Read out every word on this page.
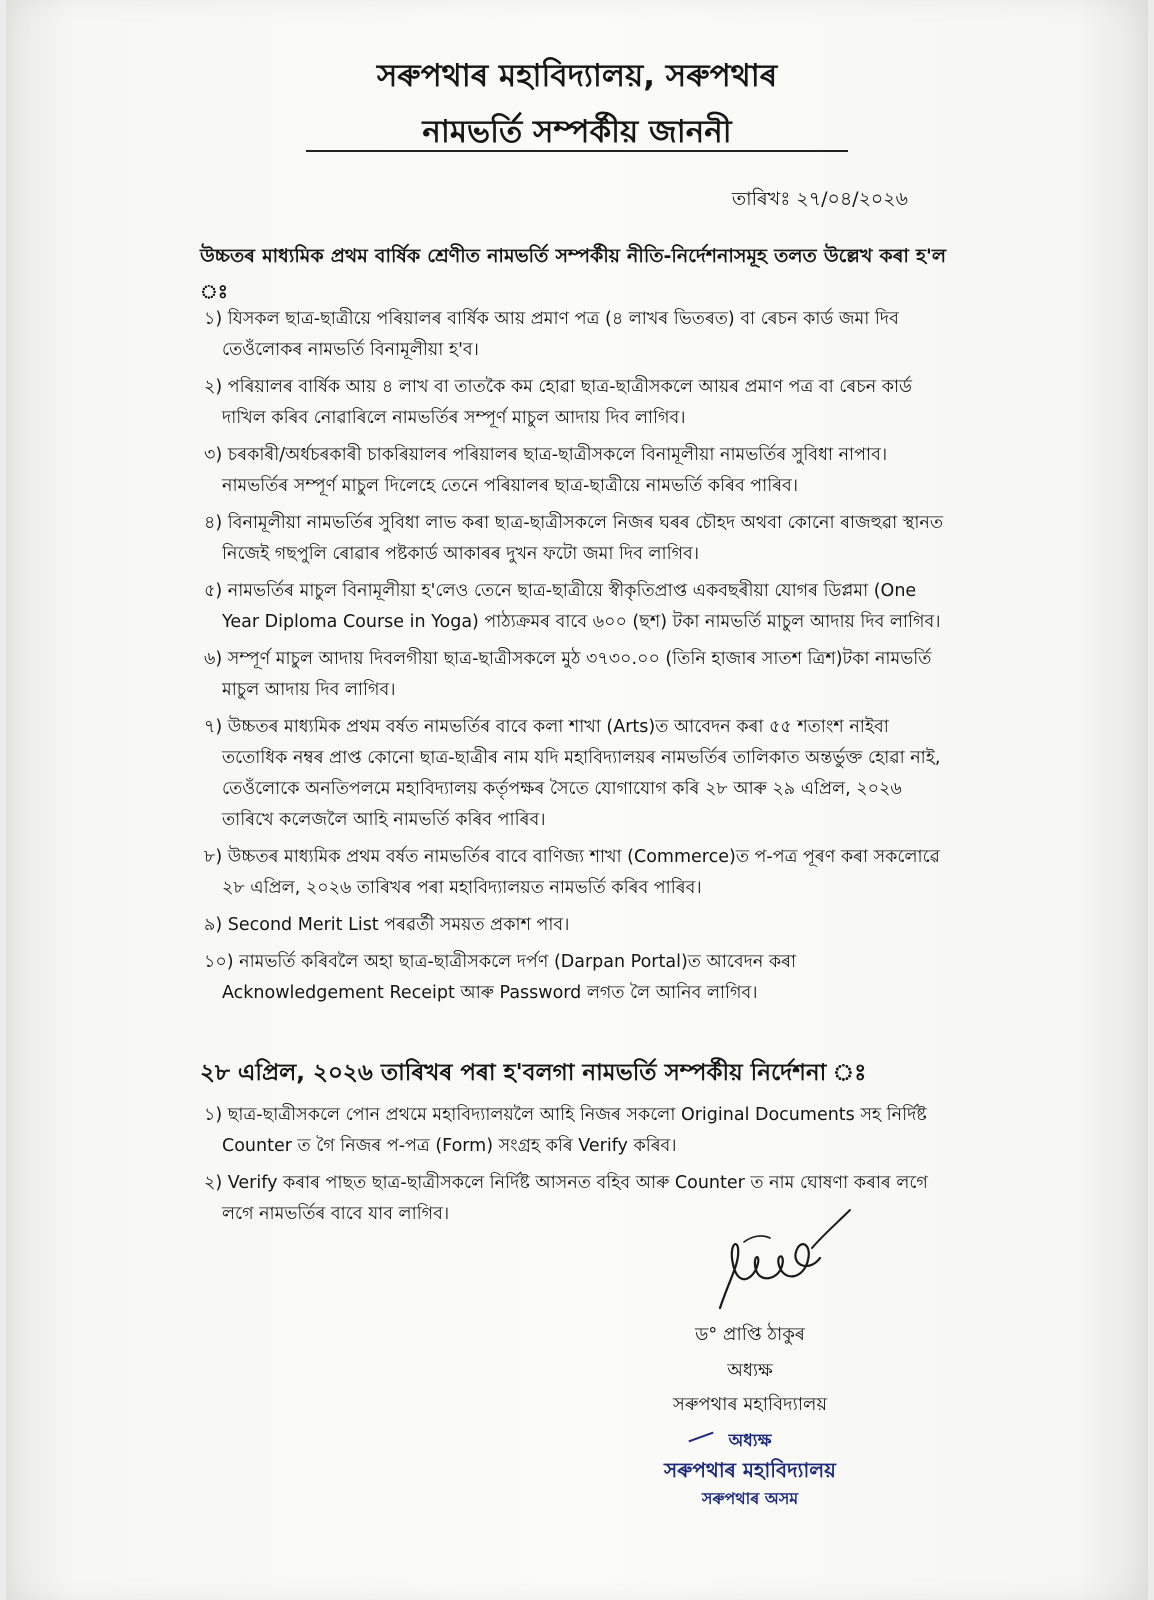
সৰুপথাৰ মহাবিদ্যালয়, সৰুপথাৰ
নামভৰ্তি সম্পৰ্কীয় জাননী
তাৰিখঃ ২৭/০৪/২০২৬
উচ্চতৰ মাধ্যমিক প্ৰথম বাৰ্ষিক শ্ৰেণীত নামভৰ্তি সম্পৰ্কীয় নীতি-নিৰ্দেশনাসমূহ তলত উল্লেখ কৰা হ'ল ঃ
১) যিসকল ছাত্ৰ-ছাত্ৰীয়ে পৰিয়ালৰ বাৰ্ষিক আয় প্ৰমাণ পত্ৰ (৪ লাখৰ ভিতৰত) বা ৰেচন কাৰ্ড জমা দিব তেওঁলোকৰ নামভৰ্তি বিনামূলীয়া হ'ব।
২) পৰিয়ালৰ বাৰ্ষিক আয় ৪ লাখ বা তাতকৈ কম হোৱা ছাত্ৰ-ছাত্ৰীসকলে আয়ৰ প্ৰমাণ পত্ৰ বা ৰেচন কাৰ্ড দাখিল কৰিব নোৱাৰিলে নামভৰ্তিৰ সম্পূৰ্ণ মাচুল আদায় দিব লাগিব।
৩) চৰকাৰী/অৰ্ধচৰকাৰী চাকৰিয়ালৰ পৰিয়ালৰ ছাত্ৰ-ছাত্ৰীসকলে বিনামূলীয়া নামভৰ্তিৰ সুবিধা নাপাব। নামভৰ্তিৰ সম্পূৰ্ণ মাচুল দিলেহে তেনে পৰিয়ালৰ ছাত্ৰ-ছাত্ৰীয়ে নামভৰ্তি কৰিব পাৰিব।
৪) বিনামূলীয়া নামভৰ্তিৰ সুবিধা লাভ কৰা ছাত্ৰ-ছাত্ৰীসকলে নিজৰ ঘৰৰ চৌহদ অথবা কোনো ৰাজহুৱা স্থানত নিজেই গছপুলি ৰোৱাৰ পষ্টকাৰ্ড আকাৰৰ দুখন ফটো জমা দিব লাগিব।
৫) নামভৰ্তিৰ মাচুল বিনামূলীয়া হ'লেও তেনে ছাত্ৰ-ছাত্ৰীয়ে স্বীকৃতিপ্ৰাপ্ত একবছৰীয়া যোগৰ ডিপ্লমা (One Year Diploma Course in Yoga) পাঠ্যক্ৰমৰ বাবে ৬০০ (ছশ) টকা নামভৰ্তি মাচুল আদায় দিব লাগিব।
৬) সম্পূৰ্ণ মাচুল আদায় দিবলগীয়া ছাত্ৰ-ছাত্ৰীসকলে মুঠ ৩৭৩০.০০ (তিনি হাজাৰ সাতশ ত্ৰিশ)টকা নামভৰ্তি মাচুল আদায় দিব লাগিব।
৭) উচ্চতৰ মাধ্যমিক প্ৰথম বৰ্ষত নামভৰ্তিৰ বাবে কলা শাখা (Arts)ত আবেদন কৰা ৫৫ শতাংশ নাইবা ততোধিক নম্বৰ প্ৰাপ্ত কোনো ছাত্ৰ-ছাত্ৰীৰ নাম যদি মহাবিদ্যালয়ৰ নামভৰ্তিৰ তালিকাত অন্তৰ্ভুক্ত হোৱা নাই, তেওঁলোকে অনতিপলমে মহাবিদ্যালয় কৰ্তৃপক্ষৰ সৈতে যোগাযোগ কৰি ২৮ আৰু ২৯ এপ্ৰিল, ২০২৬ তাৰিখে কলেজলৈ আহি নামভৰ্তি কৰিব পাৰিব।
৮) উচ্চতৰ মাধ্যমিক প্ৰথম বৰ্ষত নামভৰ্তিৰ বাবে বাণিজ্য শাখা (Commerce)ত প-পত্ৰ পূৰণ কৰা সকলোৱে ২৮ এপ্ৰিল, ২০২৬ তাৰিখৰ পৰা মহাবিদ্যালয়ত নামভৰ্তি কৰিব পাৰিব।
৯) Second Merit List পৰৱৰ্তী সময়ত প্ৰকাশ পাব।
১০) নামভৰ্তি কৰিবলৈ অহা ছাত্ৰ-ছাত্ৰীসকলে দৰ্পণ (Darpan Portal)ত আবেদন কৰা Acknowledgement Receipt আৰু Password লগত লৈ আনিব লাগিব।
২৮ এপ্ৰিল, ২০২৬ তাৰিখৰ পৰা হ'বলগা নামভৰ্তি সম্পৰ্কীয় নিৰ্দেশনা ঃ
১) ছাত্ৰ-ছাত্ৰীসকলে পোন প্ৰথমে মহাবিদ্যালয়লৈ আহি নিজৰ সকলো Original Documents সহ নিৰ্দিষ্ট Counter ত গৈ নিজৰ প-পত্ৰ (Form) সংগ্ৰহ কৰি Verify কৰিব।
২) Verify কৰাৰ পাছত ছাত্ৰ-ছাত্ৰীসকলে নিৰ্দিষ্ট আসনত বহিব আৰু Counter ত নাম ঘোষণা কৰাৰ লগে লগে নামভৰ্তিৰ বাবে যাব লাগিব।
ড° প্ৰাপ্তি ঠাকুৰ
অধ্যক্ষ
সৰুপথাৰ মহাবিদ্যালয়
অধ্যক্ষ
সৰুপথাৰ মহাবিদ্যালয়
সৰুপথাৰ অসম
